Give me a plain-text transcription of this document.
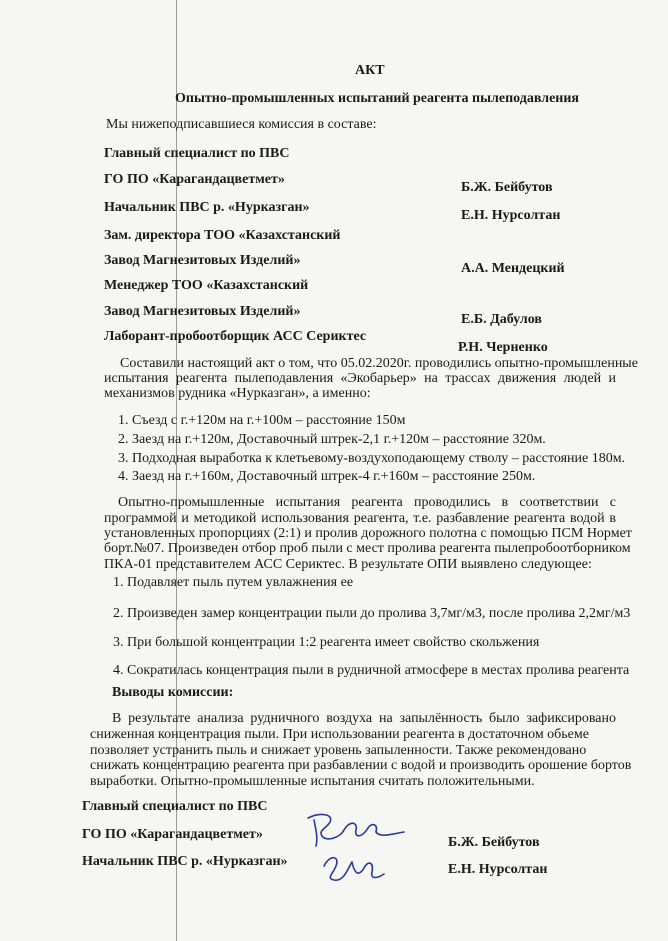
АКТ
Опытно-промышленных испытаний реагента пылеподавления
Мы нижеподписавшиеся комиссия в составе:
Главный специалист по ПВС
ГО ПО «Карагандацветмет»
Б.Ж. Бейбутов
Начальник ПВС р. «Нурказган»
Е.Н. Нурсолтан
Зам. директора ТОО «Казахстанский
Завод Магнезитовых Изделий»
А.А. Мендецкий
Менеджер ТОО «Казахстанский
Завод Магнезитовых Изделий»
Е.Б. Дабулов
Лаборант-пробоотборщик АСС Сериктес
Р.Н. Черненко
Составили настоящий акт о том, что 05.02.2020г. проводились опытно-промышленные
испытания реагента пылеподавления «Экобарьер» на трассах движения людей и
механизмов рудника «Нурказган», а именно:
1. Съезд с г.+120м на г.+100м – расстояние 150м
2. Заезд на г.+120м, Доставочный штрек-2,1 г.+120м – расстояние 320м.
3. Подходная выработка к клетьевому-воздухоподающему стволу – расстояние 180м.
4. Заезд на г.+160м, Доставочный штрек-4 г.+160м – расстояние 250м.
Опытно-промышленные испытания реагента проводились в соответствии с
программой и методикой использования реагента, т.е. разбавление реагента водой в
установленных пропорциях (2:1) и пролив дорожного полотна с помощью ПСМ Нормет
борт.№07. Произведен отбор проб пыли с мест пролива реагента пылепробоотборником
ПКА-01 представителем АСС Сериктес. В результате ОПИ выявлено следующее:
1. Подавляет пыль путем увлажнения ее
2. Произведен замер концентрации пыли до пролива 3,7мг/м3, после пролива 2,2мг/м3
3. При большой концентрации 1:2 реагента имеет свойство скольжения
4. Сократилась концентрация пыли в рудничной атмосфере в местах пролива реагента
Выводы комиссии:
В результате анализа рудничного воздуха на запылённость было зафиксировано
сниженная концентрация пыли. При использовании реагента в достаточном обьеме
позволяет устранить пыль и снижает уровень запыленности. Также рекомендовано
снижать концентрацию реагента при разбавлении с водой и производить орошение бортов
выработки. Опытно-промышленные испытания считать положительными.
Главный специалист по ПВС
ГО ПО «Карагандацветмет»
Б.Ж. Бейбутов
Начальник ПВС р. «Нурказган»
Е.Н. Нурсолтан
